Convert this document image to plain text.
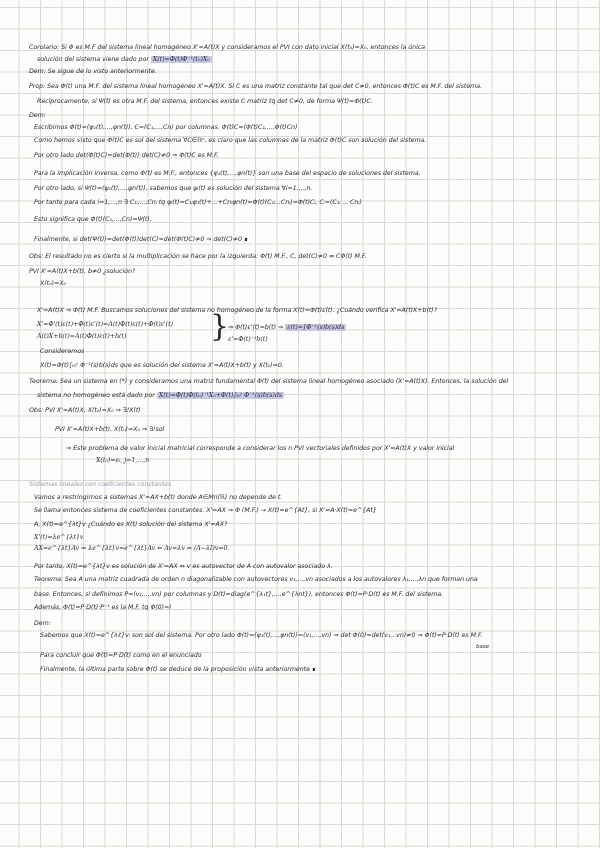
Corolario: Si Φ es M.F del sistema lineal homogéneo X'=A(t)X y consideramos el PVI con dato inicial X(t₀)=X₀, entonces la única
solución del sistema viene dado por X(t)=Φ(t)Φ⁻¹(t₀)X₀
Dem: Se sigue de lo visto anteriormente.
Prop: Sea Φ(t) una M.F. del sistema lineal homogéneo X'=A(t)X. Si C es una matriz constante tal que det C≠0, entonces Φ(t)C es M.F. del sistema.
Recíprocamente, si Ψ(t) es otra M.F. del sistema, entonces existe C matriz tq det C≠0, de forma Ψ(t)=Φ(t)C.
Dem:
Escribimos Φ(t)=(φ₁(t),...,φn(t)), C=(C₁,...,Cn) por columnas. Φ(t)C=(Φ(t)C₁,...,Φ(t)Cn)
Como hemos visto que Φ(t)C es sol del sistema ∀C∈ℝⁿ, es claro que las columnas de la matriz Φ(t)C son solución del sistema.
Por otro lado det(Φ(t)C)=det(Φ(t))·det(C)≠0 ⇒ Φ(t)C es M.F.
Para la implicación inversa, como Φ(t) es M.F., entonces {φ₁(t),...,φn(t)} son una base del espacio de soluciones del sistema.
Por otro lado, si Ψ(t)=(ψ₁(t),...,ψn(t)), sabemos que ψᵢ(t) es solución del sistema ∀i=1,...,n.
Por tanto para cada i=1,...,n ∃ C₁ᵢ,...,Cnᵢ tq ψᵢ(t)=C₁ᵢφ₁(t)+...+Cnᵢφn(t)=Φ(t)(C₁ᵢ...Cnᵢ)=Φ(t)Cᵢ, Cᵢ=(C₁ᵢ ... Cnᵢ)
Esto significa que Φ(t)(C₁,...,Cn)=Ψ(t).
Finalmente, si det(Ψ(t))=det(Φ(t))det(C)=det(Φ(t)C)≠0 ⇒ det(C)≠0 ∎
Obs: El resultado no es cierto si la multiplicación se hace por la izquierda: Φ(t) M.F., C, det(C)≠0 ⇏ CΦ(t) M.F.
PVI X'=A(t)X+b(t), b≠0 ¿solución?
X(t₀)=X₀
X'=A(t)X ⇒ Φ(t) M.F. Buscamos soluciones del sistema no homogéneo de la forma X(t)=Φ(t)ε(t). ¿Cuándo verifica X'=A(t)X+b(t)?
X'=Φ'(t)ε(t)+Φ(t)ε'(t)=A(t)Φ(t)ε(t)+Φ(t)ε'(t)
A(t)X+b(t)=A(t)Φ(t)ε(t)+b(t)	}
⇒ Φ(t)ε'(t)=b(t) ⇒ ε(t)=∫Φ⁻¹(s)b(s)ds
ε'=Φ(t)⁻¹b(t)
Consideremos
X(t)=Φ(t)∫ₜ₀ᵗ Φ⁻¹(s)b(s)ds que es solución del sistema X'=A(t)X+b(t) y X(t₀)=0.
Teorema: Sea un sistema en (*) y consideramos una matriz fundamental Φ(t) del sistema lineal homogéneo asociado (X'=A(t)X). Entonces, la solución del
sistema no homogéneo está dado por X(t)=Φ(t)Φ(t₀)⁻¹X₀+Φ(t)∫ₜ₀ᵗ Φ⁻¹(s)b(s)ds
Obs: PVI X'=A(t)X, X(t₀)=X₀ ⇒ ∃!X(t)
PVI X'=A(t)X+b(t), X(t₀)=X₀ ⇒ ∃!sol
⇒ Este problema de valor inicial matricial corresponde a considerar los n PVI vectoriales definidos por X'=A(t)X y valor inicial
X(t₀)=eᵢ, j=1,...,n
Sistemas lineales con coeficientes constantes
Vamos a restringirnos a sistemas X'=AX+b(t) donde A∈Mn(ℝ) no depende de t.
Se llama entonces sistema de coeficientes constantes. X'=AX ⇒ Φ (M.F.) → X(t)=e^{At}, si X'=A·X(t)=e^{At}
A, X(t)=e^{λt}v ¿Cuándo es X(t) solución del sistema X'=AX?
X'(t)=λe^{λt}v
AX=e^{λt}Av ⇒ λe^{λt}v=e^{λt}Av ⇔ Av=λv ⇔ (A−λI)v=0.
Por tanto, X(t)=e^{λt}v es solución de X'=AX ⇔ v es autovector de A con autovalor asociado λ.
Teorema: Sea A una matriz cuadrada de orden n diagonalizable con autovectores v₁,...,vn asociados a los autovalores λ₁,...,λn que forman una
base. Entonces, si definimos P=(v₁,...,vn) por columnas y D(t)=diag(e^{λ₁t},...,e^{λnt}), entonces Φ(t)=P·D(t) es M.F. del sistema.
Además, Φ(t)=P·D(t)·P⁻¹ es la M.F. tq Φ(0)=I
Dem:
Sabemos que X(t)=e^{λᵢt}vᵢ son sol del sistema. Por otro lado Φ(t)=(φ₁(t),...,φn(t))=(v₁,...,vn) ⇒ det Φ(0)=det(v₁...vn)≠0 ⇒ Φ(t)=P·D(t) es M.F.
base
Para concluir que Φ(t)=P·D(t) como en el enunciado
Finalmente, la última parte sobre Φ(t) se deduce de la proposición vista anteriormente ∎
